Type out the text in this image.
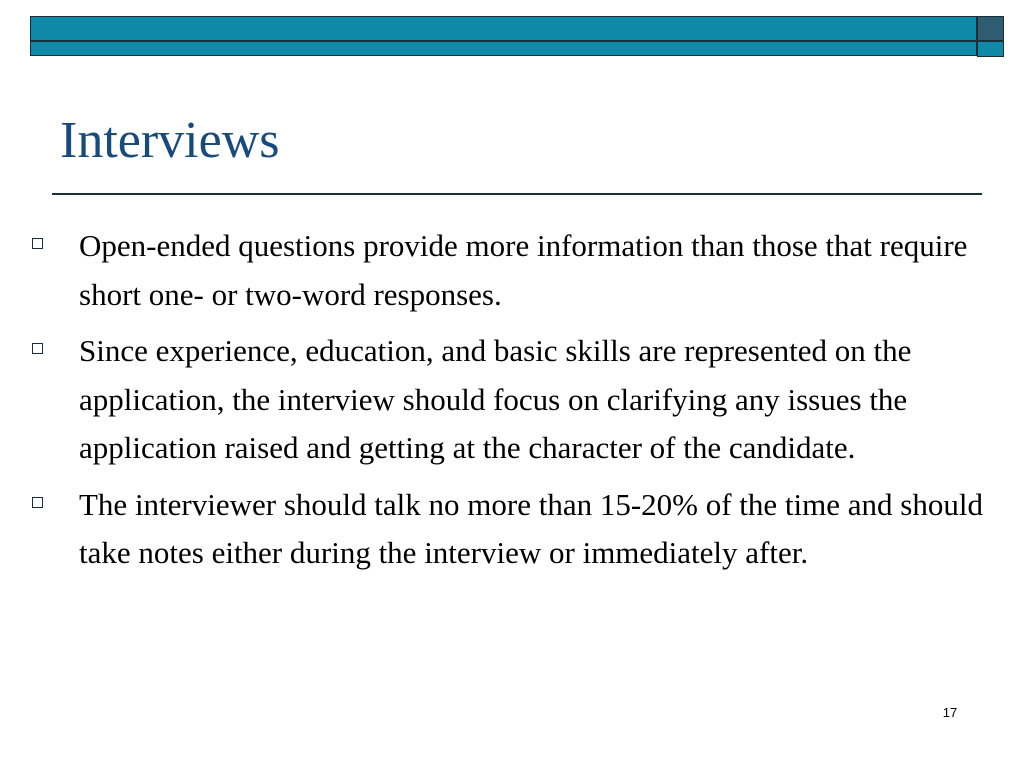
Interviews
Open-ended questions provide more information than those that require short one- or two-word responses.
Since experience, education, and basic skills are represented on the application, the interview should focus on clarifying any issues the application raised and getting at the character of the candidate.
The interviewer should talk no more than 15-20% of the time and should take notes either during the interview or immediately after.
17
